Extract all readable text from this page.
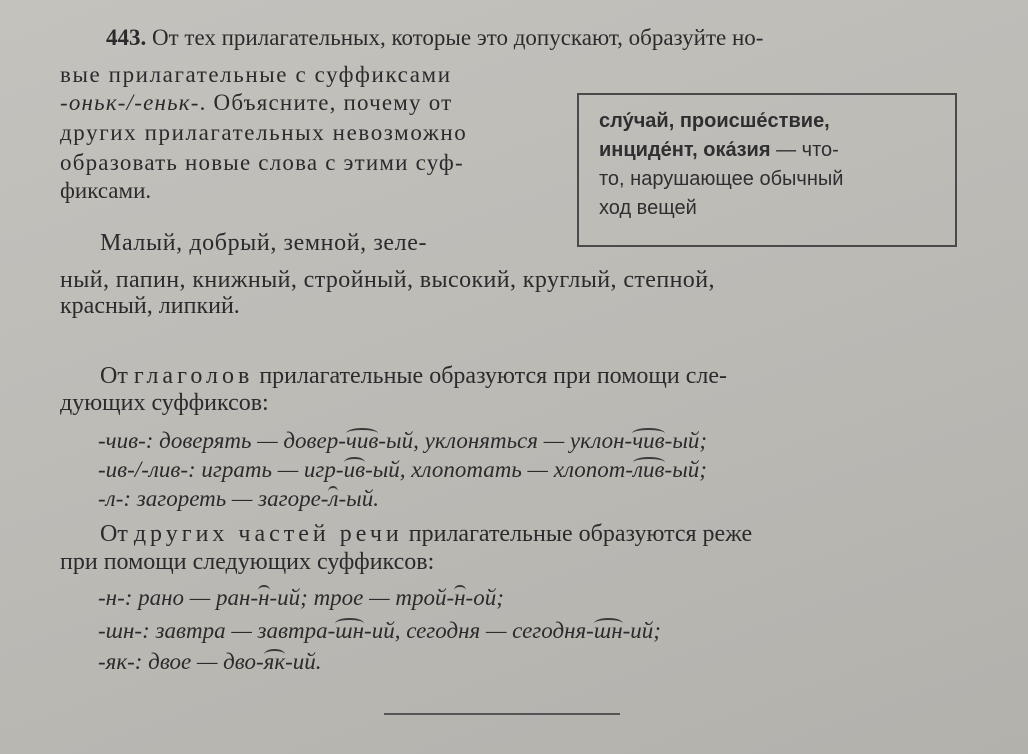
443. От тех прилагательных, которые это допускают, образуйте но-
вые прилагательные с суффиксами
-оньк-/-еньк-. Объясните, почему от
других прилагательных невозможно
образовать новые слова с этими суф-
фиксами.
Малый, добрый, земной, зеле-
ный, папин, книжный, стройный, высокий, круглый, степной,
красный, липкий.
слу́чай, происше́ствие,
инциде́нт, ока́зия — что-
то, нарушающее обычный
ход вещей
От глаголов прилагательные образуются при помощи сле-
дующих суффиксов:
-чив-: доверять — довер-чив-ый, уклоняться — уклон-чив-ый;
-ив-/-лив-: играть — игр-ив-ый, хлопотать — хлопот-лив-ый;
-л-: загореть — загоре-л-ый.
От других частей речи прилагательные образуются реже
при помощи следующих суффиксов:
-н-: рано — ран-н-ий; трое — трой-н-ой;
-шн-: завтра — завтра-шн-ий, сегодня — сегодня-шн-ий;
-як-: двое — дво-як-ий.
